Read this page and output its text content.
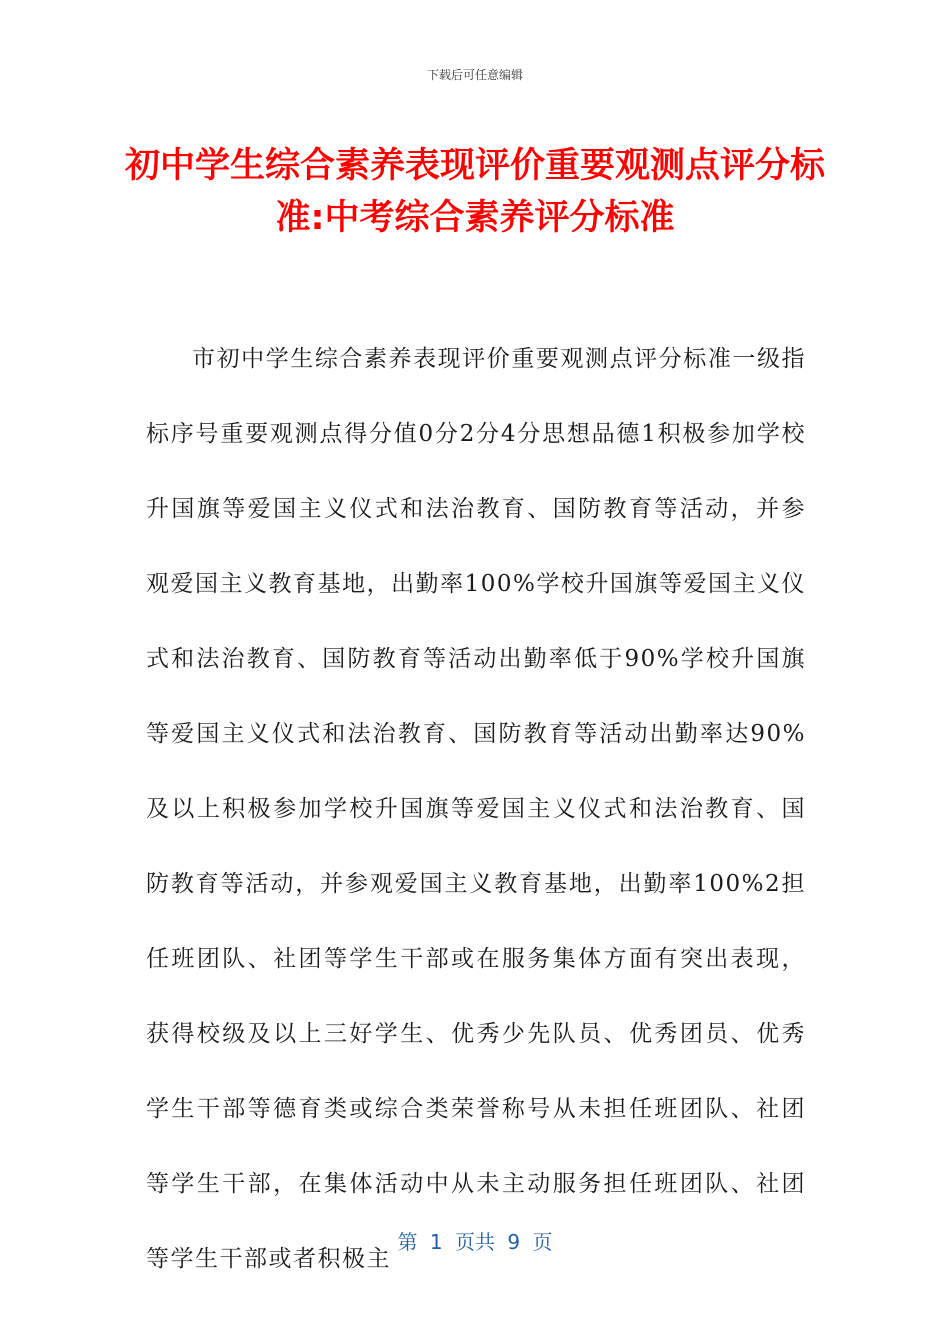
下载后可任意编辑
初中学生综合素养表现评价重要观测点评分标准:中考综合素养评分标准

市初中学生综合素养表现评价重要观测点评分标准一级指标序号重要观测点得分值0分2分4分思想品德1积极参加学校升国旗等爱国主义仪式和法治教育、国防教育等活动，并参观爱国主义教育基地，出勤率100%学校升国旗等爱国主义仪式和法治教育、国防教育等活动出勤率低于90%学校升国旗等爱国主义仪式和法治教育、国防教育等活动出勤率达90%及以上积极参加学校升国旗等爱国主义仪式和法治教育、国防教育等活动，并参观爱国主义教育基地，出勤率100%2担任班团队、社团等学生干部或在服务集体方面有突出表现，获得校级及以上三好学生、优秀少先队员、优秀团员、优秀学生干部等德育类或综合类荣誉称号从未担任班团队、社团等学生干部，在集体活动中从未主动服务担任班团队、社团等学生干部或者积极主

第 1 页共 9 页
